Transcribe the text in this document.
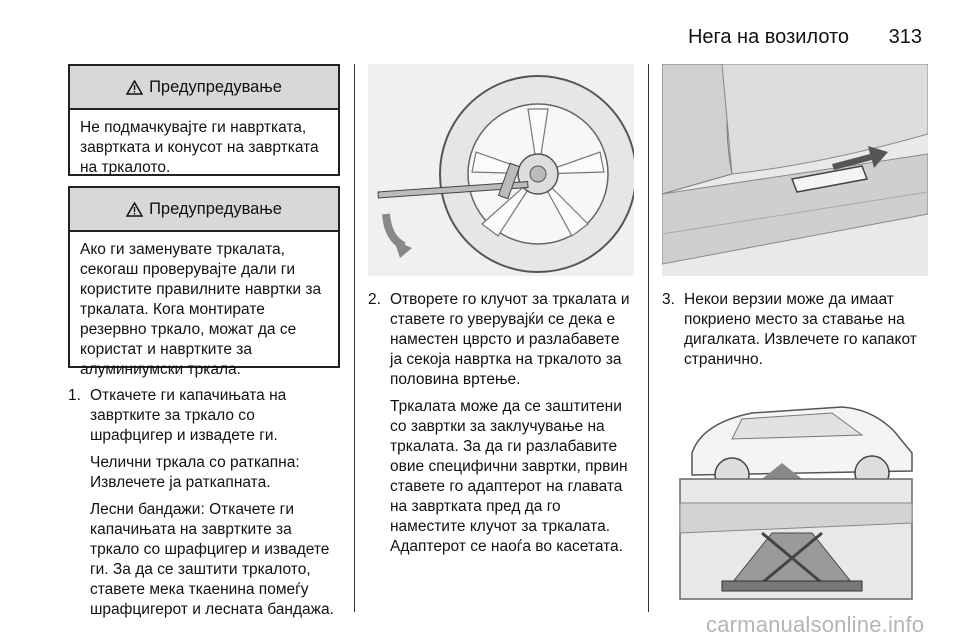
Нега на возилото 313
Предупредување
Не подмачкувајте ги навртката, завртката и конусот на завртката на тркалото.
Предупредување
Ако ги заменувате тркалата, секогаш проверувајте дали ги користите правилните навртки за тркалата. Кога монтирате резервно тркало, можат да се користат и навртките за алуминиумски тркала.
1. Откачете ги капачињата на завртките за тркало со шрафцигер и извадете ги.

Челични тркала со раткапна: Извлечете ја раткапната.

Лесни бандажи: Откачете ги капачињата на завртките за тркало со шрафцигер и извадете ги. За да се заштити тркалото, ставете мека ткаенина помеѓу шрафцигерот и лесната бандажа.

2. Отворете го клучот за тркалата и ставете го уверувајќи се дека е наместен цврсто и разлабавете ја секоја навртка на тркалото за половина вртење.

Тркалата може да се заштитени со завртки за заклучување на тркалата. За да ги разлабавите овие специфични завртки, првин ставете го адаптерот на главата на завртката пред да го наместите клучот за тркалата. Адаптерот се наоѓа во касетата.

3. Некои верзии може да имаат покриено место за ставање на дигалката. Извлечете го капакот странично.

carmanualsonline.info
